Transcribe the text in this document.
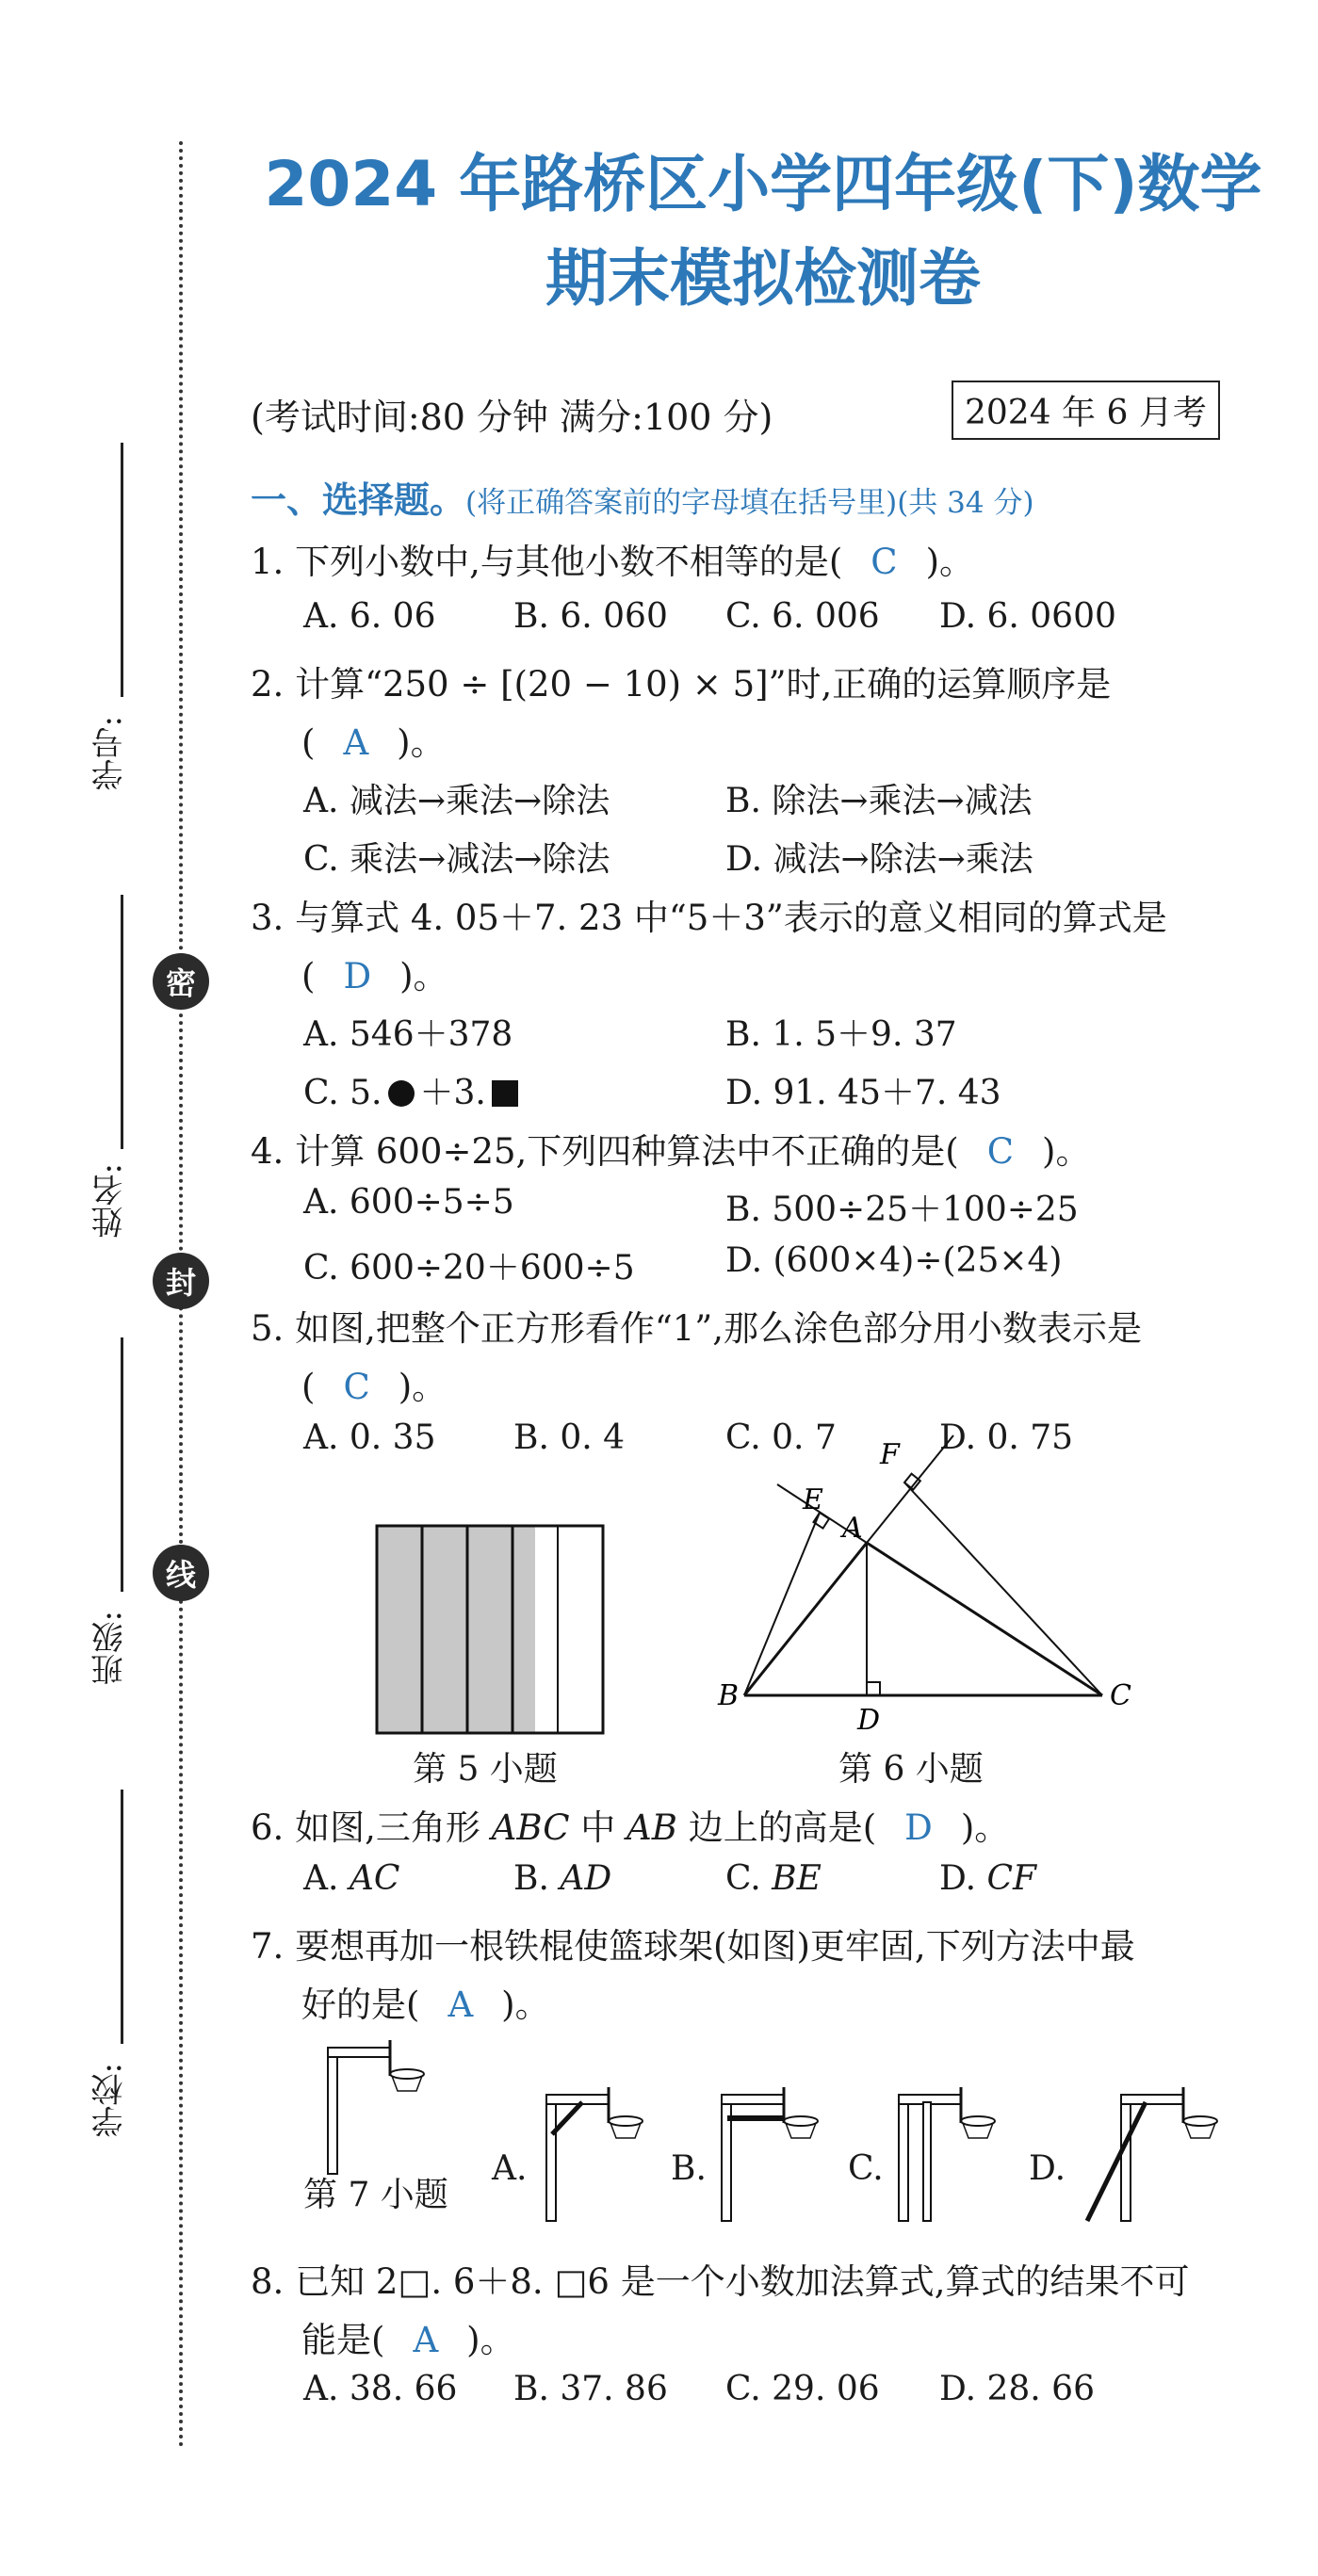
学号:
密
姓名:
封
班级:
线
学校:
2024 年路桥区小学四年级(下)数学
期末模拟检测卷
(考试时间:80 分钟 满分:100 分)	2024 年 6 月考
一、选择题。(将正确答案前的字母填在括号里)(共 34 分)
1. 下列小数中,与其他小数不相等的是( C )。
A. 6. 06 B. 6. 060 C. 6. 006 D. 6. 0600
2. 计算“250 ÷ [(20 − 10) × 5]”时,正确的运算顺序是
( A )。
A. 减法→乘法→除法	B. 除法→乘法→减法
C. 乘法→减法→除法	D. 减法→除法→乘法
3. 与算式 4. 05＋7. 23 中“5＋3”表示的意义相同的算式是
( D )。
A. 546＋378	B. 1. 5＋9. 37
C. 5. ＋3.	D. 91. 45＋7. 43
4. 计算 600÷25,下列四种算法中不正确的是( C )。
A. 600÷5÷5	B. 500÷25＋100÷25
C. 600÷20＋600÷5	D. (600×4)÷(25×4)
5. 如图,把整个正方形看作“1”,那么涂色部分用小数表示是
( C )。
A. 0. 35 B. 0. 4	C. 0. 7	D. 0. 75
第 5 小题
B	C
D
A
E
F
第 6 小题
6. 如图,三角形 ABC 中 AB 边上的高是( D )。
A. AC	B. AD	C. BE	D. CF
7. 要想再加一根铁棍使篮球架(如图)更牢固,下列方法中最
好的是( A )。
第 7 小题
A.	B.	C.	D.
8. 已知 2□. 6＋8. □6 是一个小数加法算式,算式的结果不可
能是( A )。
A. 38. 66 B. 37. 86 C. 29. 06 D. 28. 66
